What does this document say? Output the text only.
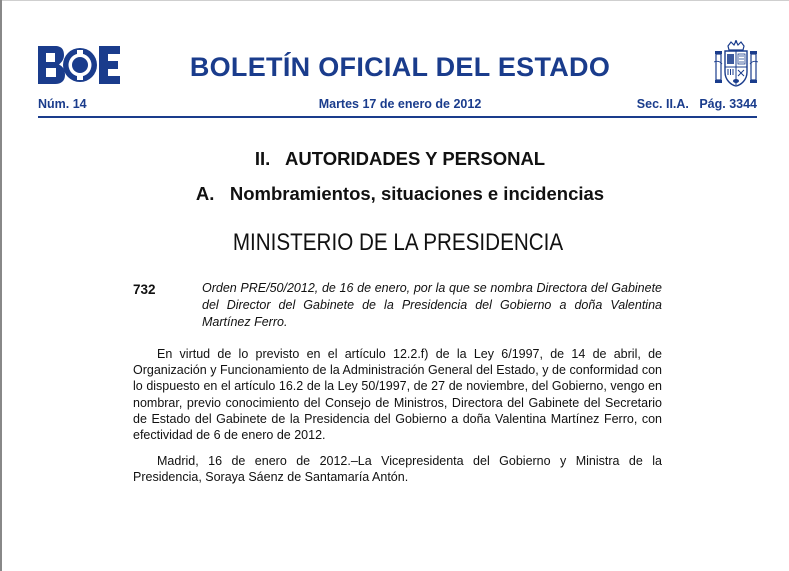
BOLETÍN OFICIAL DEL ESTADO
Núm. 14	Martes 17 de enero de 2012	Sec. II.A.   Pág. 3344
II.   AUTORIDADES Y PERSONAL
A.   Nombramientos, situaciones e incidencias
MINISTERIO DE LA PRESIDENCIA
732	Orden PRE/50/2012, de 16 de enero, por la que se nombra Directora del Gabinete del Director del Gabinete de la Presidencia del Gobierno a doña Valentina Martínez Ferro.
En virtud de lo previsto en el artículo 12.2.f) de la Ley 6/1997, de 14 de abril, de Organización y Funcionamiento de la Administración General del Estado, y de conformidad con lo dispuesto en el artículo 16.2 de la Ley 50/1997, de 27 de noviembre, del Gobierno, vengo en nombrar, previo conocimiento del Consejo de Ministros, Directora del Gabinete del Secretario de Estado del Gabinete de la Presidencia del Gobierno a doña Valentina Martínez Ferro, con efectividad de 6 de enero de 2012.
Madrid, 16 de enero de 2012.–La Vicepresidenta del Gobierno y Ministra de la Presidencia, Soraya Sáenz de Santamaría Antón.
